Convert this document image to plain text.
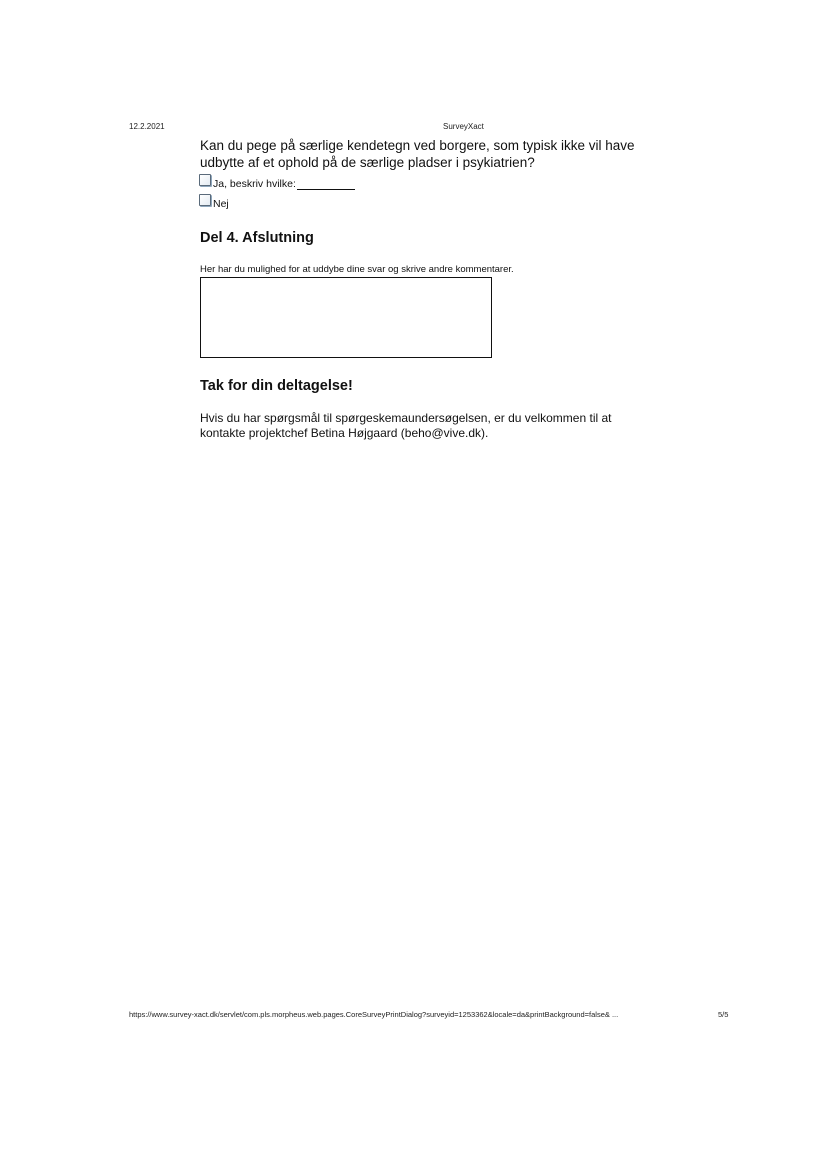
12.2.2021	SurveyXact
Kan du pege på særlige kendetegn ved borgere, som typisk ikke vil have udbytte af et ophold på de særlige pladser i psykiatrien?
Ja, beskriv hvilke:
Nej
Del 4. Afslutning
Her har du mulighed for at uddybe dine svar og skrive andre kommentarer.
Tak for din deltagelse!
Hvis du har spørgsmål til spørgeskemaundersøgelsen, er du velkommen til at kontakte projektchef Betina Højgaard (beho@vive.dk).
https://www.survey-xact.dk/servlet/com.pls.morpheus.web.pages.CoreSurveyPrintDialog?surveyid=1253362&locale=da&printBackground=false& ...	5/5
